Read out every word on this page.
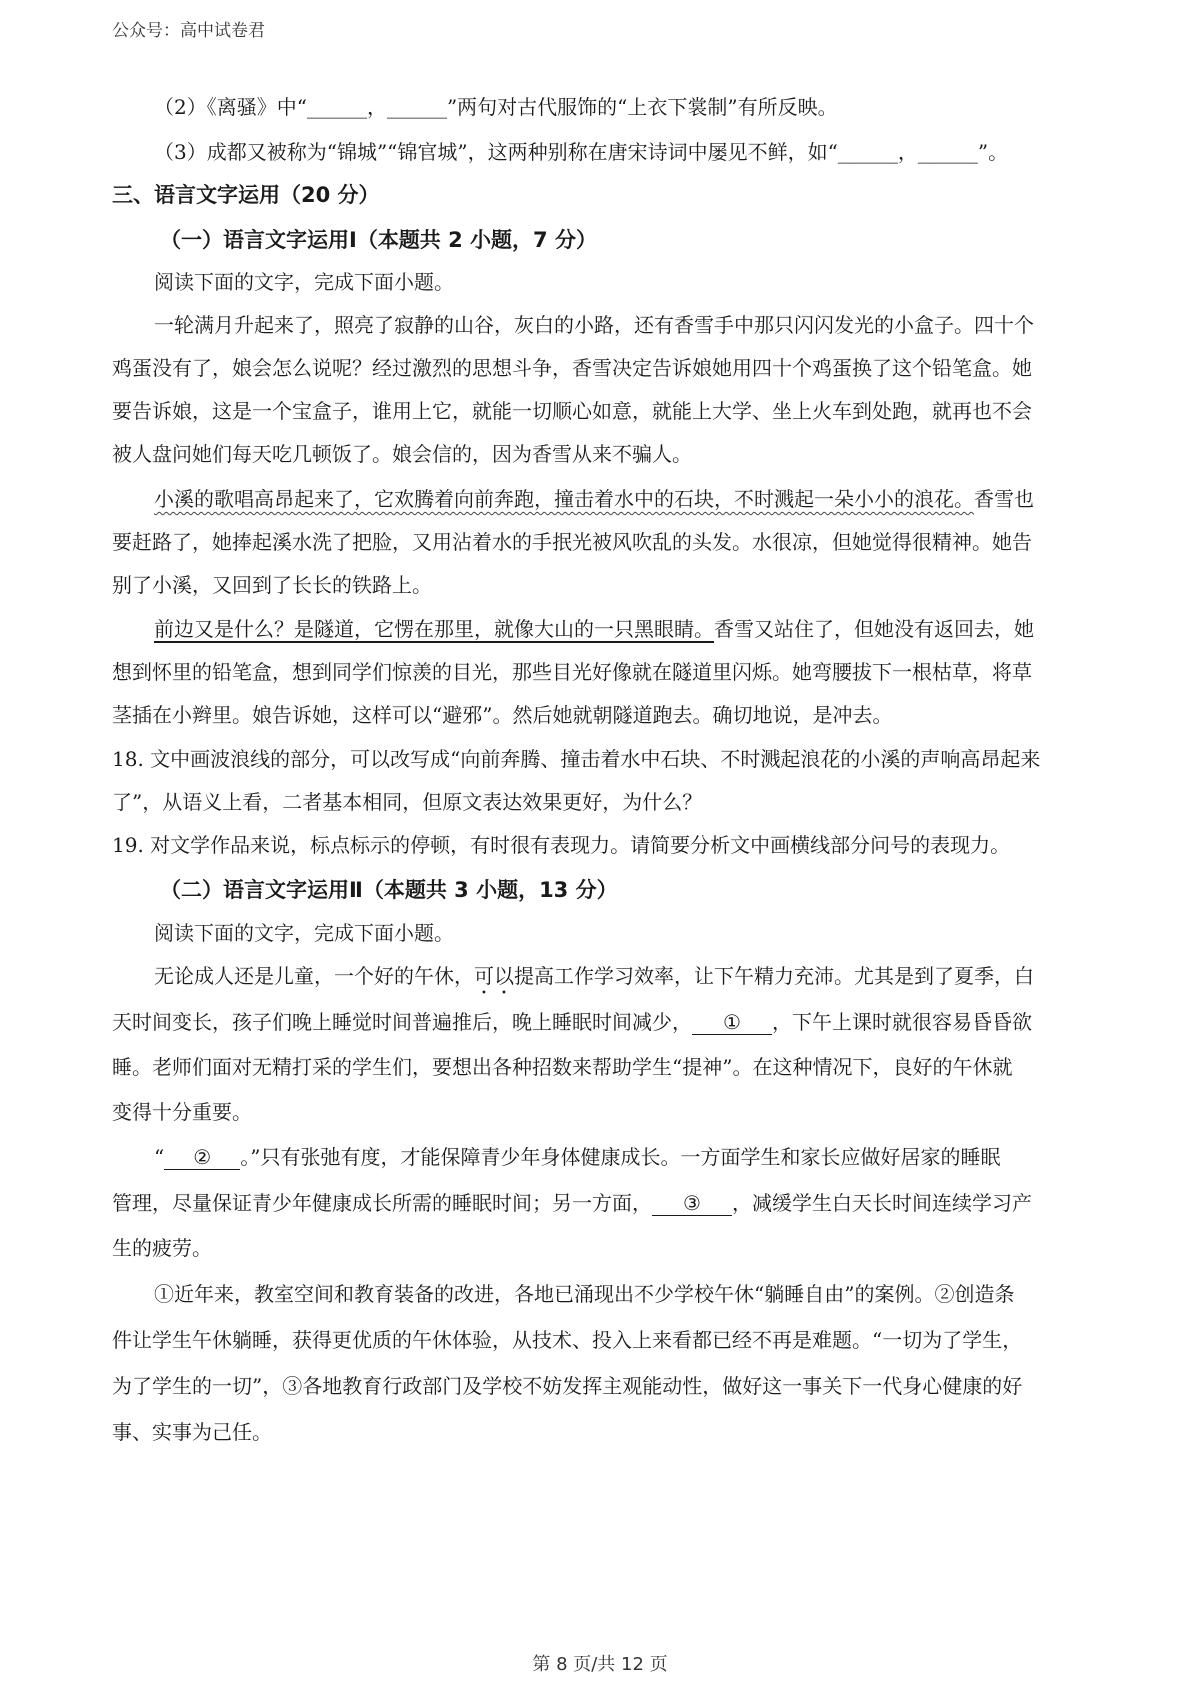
公众号：高中试卷君
（2）《离骚》中“______，______”两句对古代服饰的“上衣下裳制”有所反映。
（3）成都又被称为“锦城”“锦官城”，这两种别称在唐宋诗词中屡见不鲜，如“______，______”。
三、语言文字运用（20 分）
（一）语言文字运用Ⅰ（本题共 2 小题，7 分）
阅读下面的文字，完成下面小题。
一轮满月升起来了，照亮了寂静的山谷，灰白的小路，还有香雪手中那只闪闪发光的小盒子。四十个
鸡蛋没有了，娘会怎么说呢？经过激烈的思想斗争，香雪决定告诉娘她用四十个鸡蛋换了这个铅笔盒。她
要告诉娘，这是一个宝盒子，谁用上它，就能一切顺心如意，就能上大学、坐上火车到处跑，就再也不会
被人盘问她们每天吃几顿饭了。娘会信的，因为香雪从来不骗人。
小溪的歌唱高昂起来了，它欢腾着向前奔跑，撞击着水中的石块，不时溅起一朵小小的浪花。香雪也
要赶路了，她捧起溪水洗了把脸，又用沾着水的手抿光被风吹乱的头发。水很凉，但她觉得很精神。她告
别了小溪，又回到了长长的铁路上。
前边又是什么？是隧道，它愣在那里，就像大山的一只黑眼睛。香雪又站住了，但她没有返回去，她
想到怀里的铅笔盒，想到同学们惊羡的目光，那些目光好像就在隧道里闪烁。她弯腰拔下一根枯草，将草
茎插在小辫里。娘告诉她，这样可以“避邪”。然后她就朝隧道跑去。确切地说，是冲去。
18. 文中画波浪线的部分，可以改写成“向前奔腾、撞击着水中石块、不时溅起浪花的小溪的声响高昂起来
了”，从语义上看，二者基本相同，但原文表达效果更好，为什么？
19. 对文学作品来说，标点标示的停顿，有时很有表现力。请简要分析文中画横线部分问号的表现力。
（二）语言文字运用Ⅱ（本题共 3 小题，13 分）
阅读下面的文字，完成下面小题。
无论成人还是儿童，一个好的午休，可以提高工作学习效率，让下午精力充沛。尤其是到了夏季，白
天时间变长，孩子们晚上睡觉时间普遍推后，晚上睡眠时间减少， ① ，下午上课时就很容易昏昏欲
睡。老师们面对无精打采的学生们，要想出各种招数来帮助学生“提神”。在这种情况下，良好的午休就
变得十分重要。
“ ② 。”只有张弛有度，才能保障青少年身体健康成长。一方面学生和家长应做好居家的睡眠
管理，尽量保证青少年健康成长所需的睡眠时间；另一方面， ③ ，减缓学生白天长时间连续学习产
生的疲劳。
①近年来，教室空间和教育装备的改进，各地已涌现出不少学校午休“躺睡自由”的案例。②创造条
件让学生午休躺睡，获得更优质的午休体验，从技术、投入上来看都已经不再是难题。“一切为了学生，
为了学生的一切”，③各地教育行政部门及学校不妨发挥主观能动性，做好这一事关下一代身心健康的好
事、实事为己任。
第 8 页/共 12 页
